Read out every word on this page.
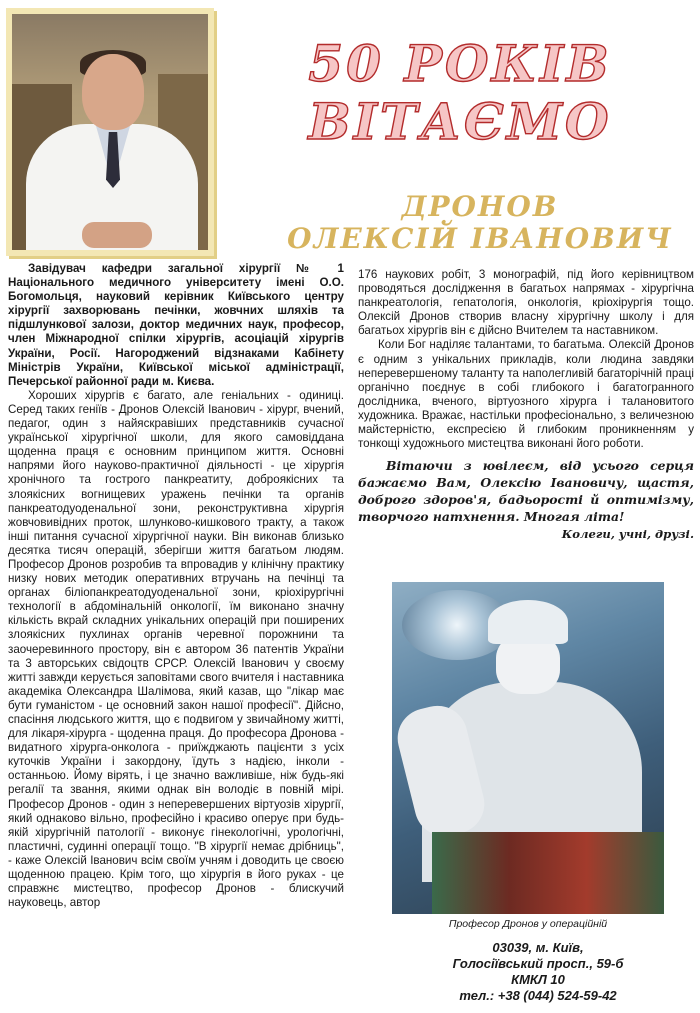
50 РОКІВ
ВІТАЄМО
ДРОНОВ
ОЛЕКСІЙ ІВАНОВИЧ

Завідувач кафедри загальної хірургії № 1 Національного медичного університету імені О.О. Богомольця, науковий керівник Київського центру хірургії захворювань печінки, жовчних шляхів та підшлункової залози, доктор медичних наук, професор, член Міжнародної спілки хірургів, асоціацій хірургів України, Росії. Нагороджений відзнаками Кабінету Міністрів України, Київської міської адміністрації, Печерської районної ради м. Києва.

Хороших хірургів є багато, але геніальних - одиниці. Серед таких геніїв - Дронов Олексій Іванович - хірург, вчений, педагог, один з найяскравіших представників сучасної української хірургічної школи, для якого самовіддана щоденна праця є основним принципом життя. Основні напрями його науково-практичної діяльності - це хірургія хронічного та гострого панкреатиту, доброякісних та злоякісних вогнищевих уражень печінки та органів панкреатодуоденальної зони, реконструктивна хірургія жовчовивідних проток, шлунково-кишкового тракту, а також інші питання сучасної хірургічної науки. Він виконав близько десятка тисяч операцій, зберігши життя багатьом людям. Професор Дронов розробив та впровадив у клінічну практику низку нових методик оперативних втручань на печінці та органах біліопанкреатодуоденальної зони, кріохірургічні технології в абдомінальній онкології, їм виконано значну кількість вкрай складних унікальних операцій при поширених злоякісних пухлинах органів черевної порожнини та заочеревинного простору, він є автором 36 патентів України та 3 авторських свідоцтв СРСР. Олексій Іванович у своєму житті завжди керується заповітами свого вчителя і наставника академіка Олександра Шалімова, який казав, що "лікар має бути гуманістом - це основний закон нашої професії". Дійсно, спасіння людського життя, що є подвигом у звичайному житті, для лікаря-хірурга - щоденна праця. До професора Дронова - видатного хірурга-онколога - приїжджають пацієнти з усіх куточків України і закордону, їдуть з надією, інколи - останньою. Йому вірять, і це значно важливіше, ніж будь-які регалії та звання, якими однак він володіє в повній мірі. Професор Дронов - один з неперевершених віртуозів хірургії, який однаково вільно, професійно і красиво оперує при будь-якій хірургічній патології - виконує гінекологічні, урологічні, пластичні, судинні операції тощо. "В хірургії немає дрібниць", - каже Олексій Іванович всім своїм учням і доводить це своєю щоденною працею. Крім того, що хірургія в його руках - це справжнє мистецтво, професор Дронов - блискучий науковець, автор

176 наукових робіт, 3 монографій, під його керівництвом проводяться дослідження в багатьох напрямах - хірургічна панкреатологія, гепатологія, онкологія, кріохірургія тощо. Олексій Дронов створив власну хірургічну школу і для багатьох хірургів він є дійсно Вчителем та наставником.

Коли Бог наділяє талантами, то багатьма. Олексій Дронов є одним з унікальних прикладів, коли людина завдяки неперевершеному таланту та наполегливій багаторічній праці органічно поєднує в собі глибокого і багатогранного дослідника, вченого, віртуозного хірурга і талановитого художника. Вражає, настільки професіонально, з величезною майстерністю, експресією й глибоким проникненням у тонкощі художнього мистецтва виконані його роботи.

Вітаючи з ювілеєм, від усього серця бажаємо Вам, Олексію Івановичу, щастя, доброго здоров'я, бадьорості й оптимізму, творчого натхнення. Многая літа!
Колеги, учні, друзі.
Професор Дронов у операційній
03039, м. Київ,
Голосіївський просп., 59-б
КМКЛ 10
тел.: +38 (044) 524-59-42
